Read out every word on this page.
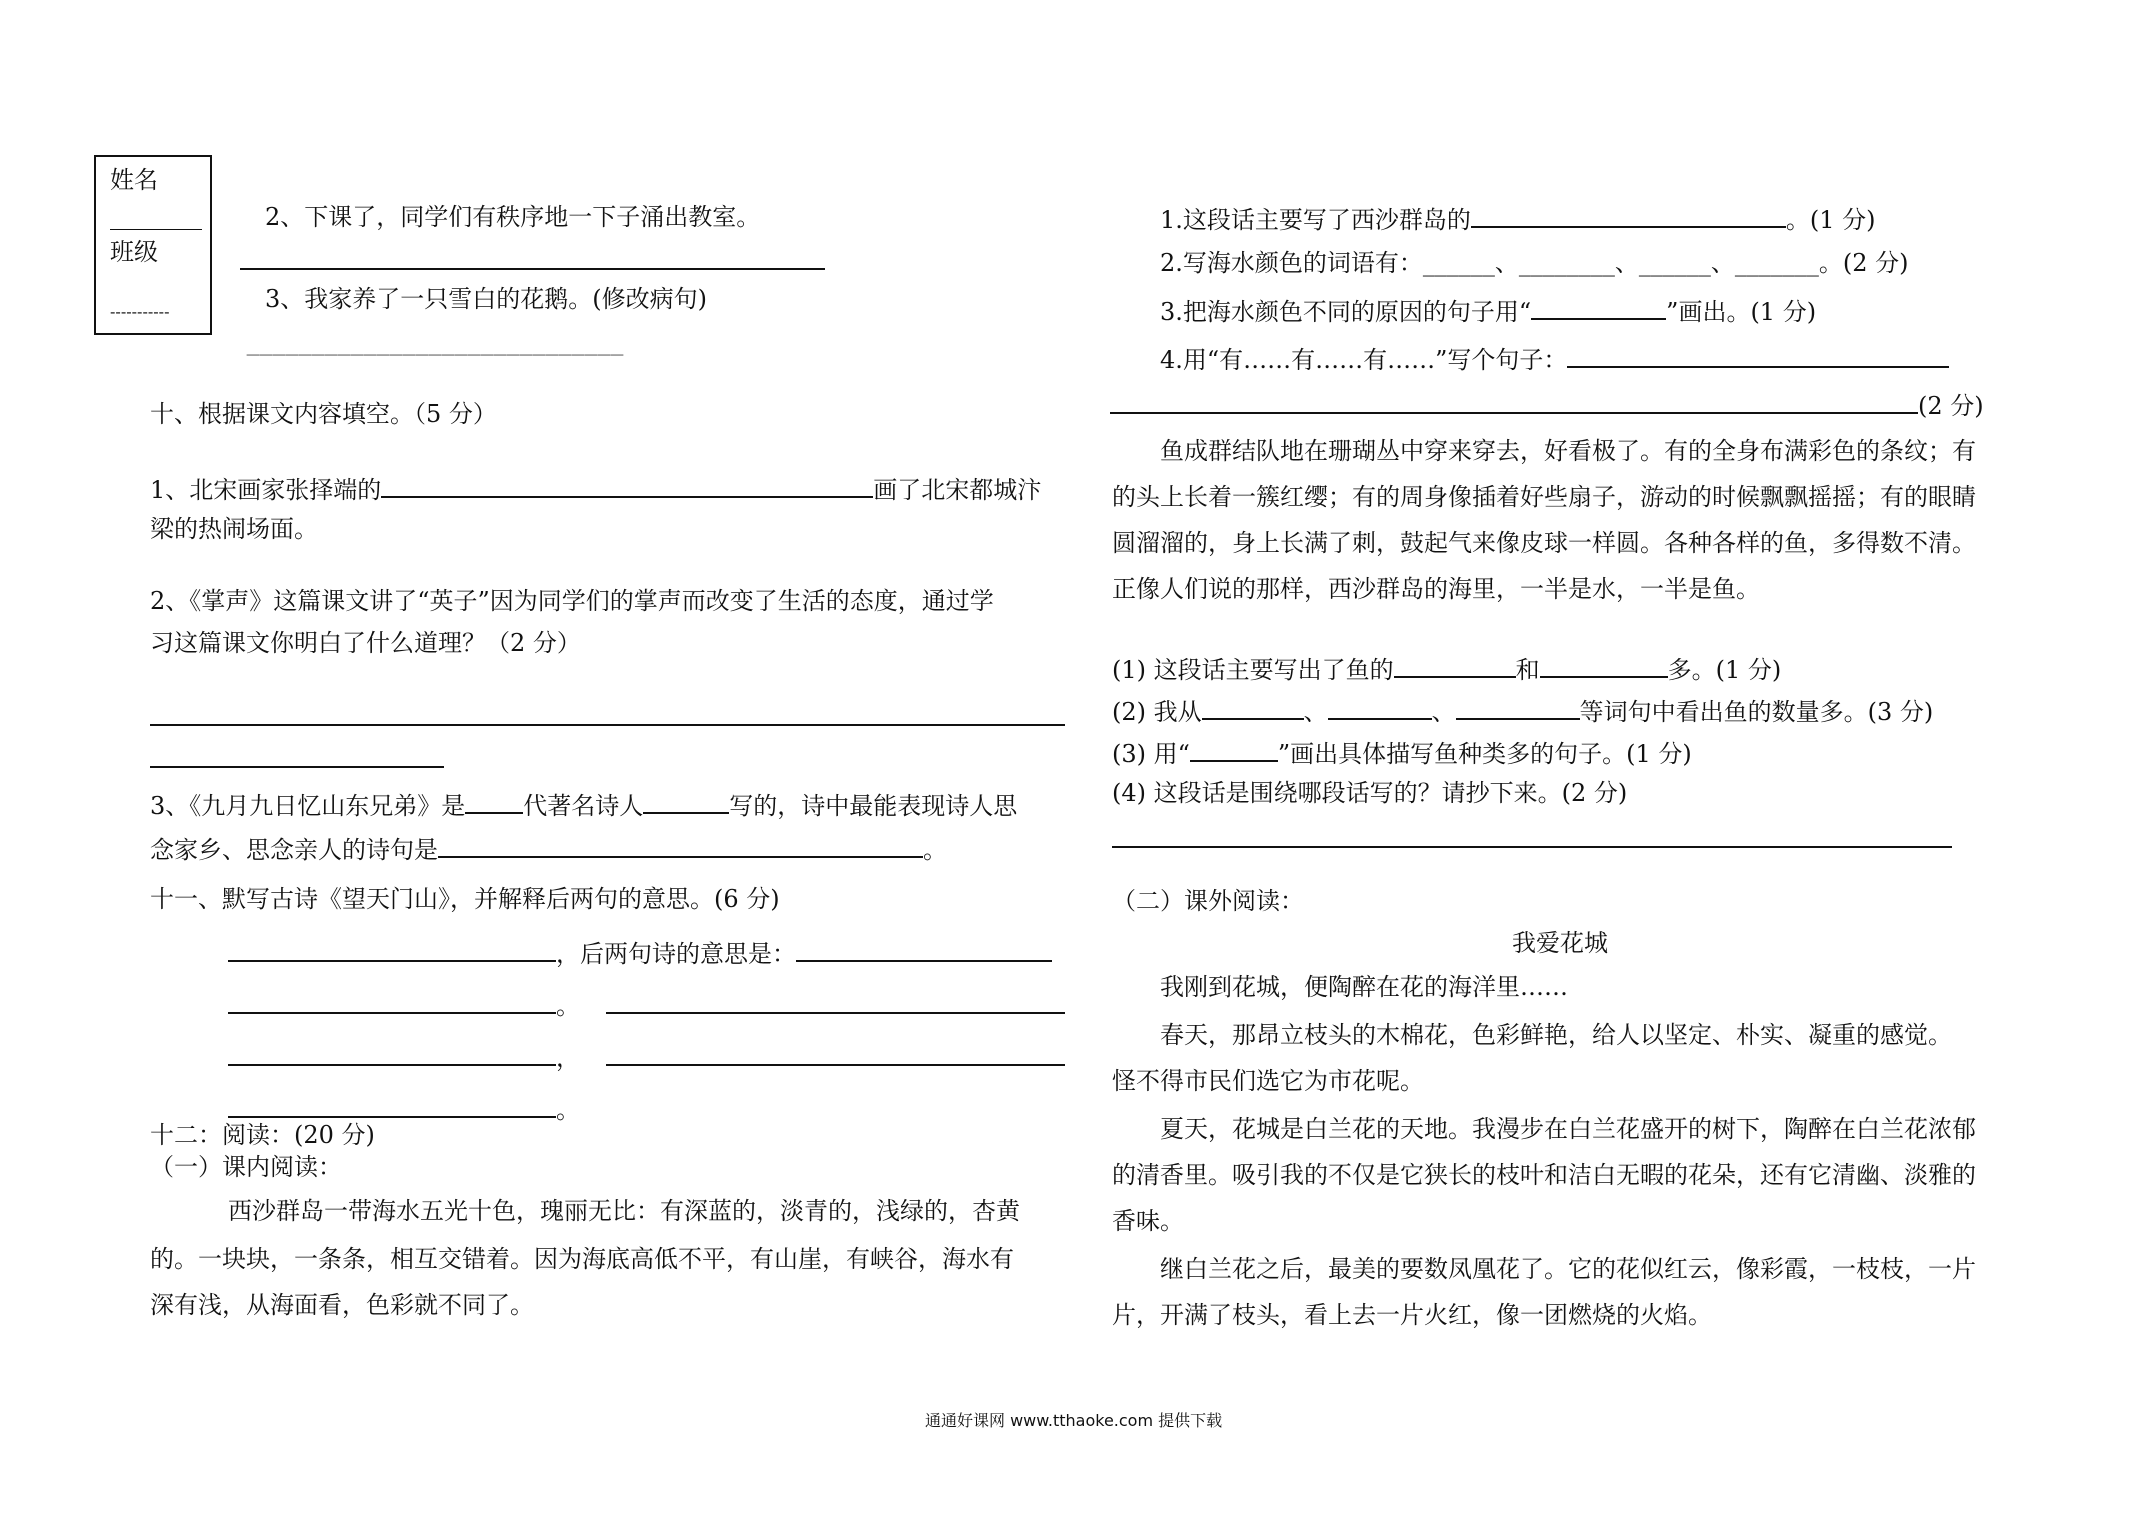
姓名
班级
-----------
2、下课了，同学们有秩序地一下子涌出教室。
3、我家养了一只雪白的花鹅。(修改病句)
—————————————————————————————
十、根据课文内容填空。（5 分）
1、北宋画家张择端的	画了北宋都城汴
梁的热闹场面。
2、《掌声》这篇课文讲了“英子”因为同学们的掌声而改变了生活的态度，通过学
习这篇课文你明白了什么道理？（2 分）
3、《九月九日忆山东兄弟》是 代著名诗人	写的，诗中最能表现诗人思
念家乡、思念亲人的诗句是	。
十一、默写古诗《望天门山》，并解释后两句的意思。(6 分)
，后两句诗的意思是：
。
，
。
十二：阅读：(20 分)
（一）课内阅读：
西沙群岛一带海水五光十色，瑰丽无比：有深蓝的，淡青的，浅绿的，杏黄
的。一块块，一条条，相互交错着。因为海底高低不平，有山崖，有峡谷，海水有
深有浅，从海面看，色彩就不同了。
1.这段话主要写了西沙群岛的	。(1 分)
2.写海水颜色的词语有：______、________、______、_______。(2 分)
3.把海水颜色不同的原因的句子用“	”画出。(1 分)
4.用“有……有……有……”写个句子：
(2 分)
鱼成群结队地在珊瑚丛中穿来穿去，好看极了。有的全身布满彩色的条纹；有
的头上长着一簇红缨；有的周身像插着好些扇子，游动的时候飘飘摇摇；有的眼睛
圆溜溜的，身上长满了刺，鼓起气来像皮球一样圆。各种各样的鱼，多得数不清。
正像人们说的那样，西沙群岛的海里，一半是水，一半是鱼。
(1) 这段话主要写出了鱼的	和	多。(1 分)
(2) 我从	、	、	等词句中看出鱼的数量多。(3 分)
(3) 用“	”画出具体描写鱼种类多的句子。(1 分)
(4) 这段话是围绕哪段话写的？请抄下来。(2 分)
（二）课外阅读：
我爱花城
我刚到花城，便陶醉在花的海洋里……
春天，那昂立枝头的木棉花，色彩鲜艳，给人以坚定、朴实、凝重的感觉。
怪不得市民们选它为市花呢。
夏天，花城是白兰花的天地。我漫步在白兰花盛开的树下，陶醉在白兰花浓郁
的清香里。吸引我的不仅是它狭长的枝叶和洁白无暇的花朵，还有它清幽、淡雅的
香味。
继白兰花之后，最美的要数凤凰花了。它的花似红云，像彩霞，一枝枝，一片
片，开满了枝头，看上去一片火红，像一团燃烧的火焰。
通通好课网 www.tthaoke.com 提供下载
